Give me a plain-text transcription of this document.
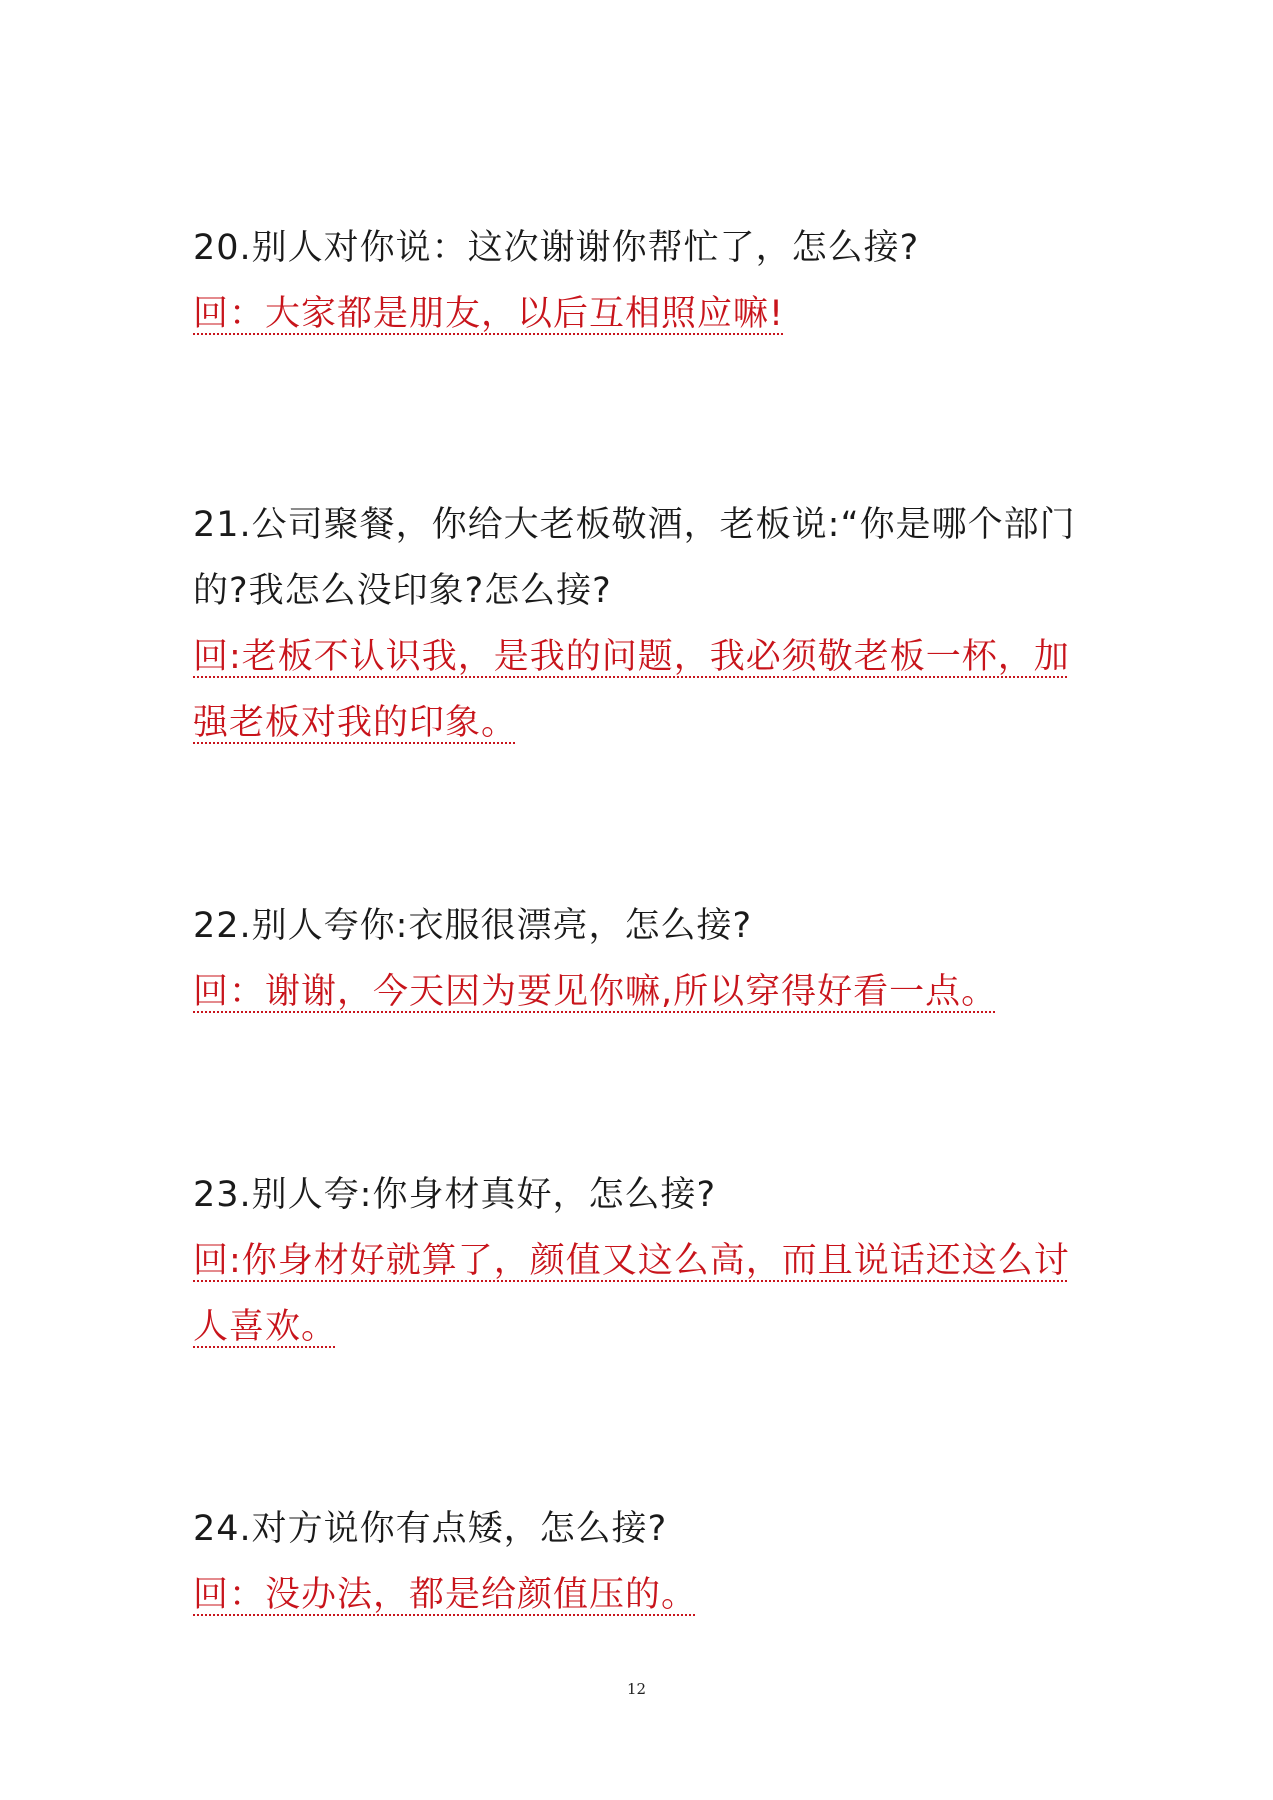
20.别人对你说：这次谢谢你帮忙了，怎么接?

回：大家都是朋友，以后互相照应嘛!

21.公司聚餐，你给大老板敬酒，老板说:“你是哪个部门的?我怎么没印象?怎么接?

回:老板不认识我，是我的问题，我必须敬老板一杯，加强老板对我的印象。

22.别人夸你:衣服很漂亮，怎么接?

回：谢谢，今天因为要见你嘛,所以穿得好看一点。

23.别人夸:你身材真好，怎么接?

回:你身材好就算了，颜值又这么高，而且说话还这么讨人喜欢。

24.对方说你有点矮，怎么接?

回：没办法，都是给颜值压的。

12
